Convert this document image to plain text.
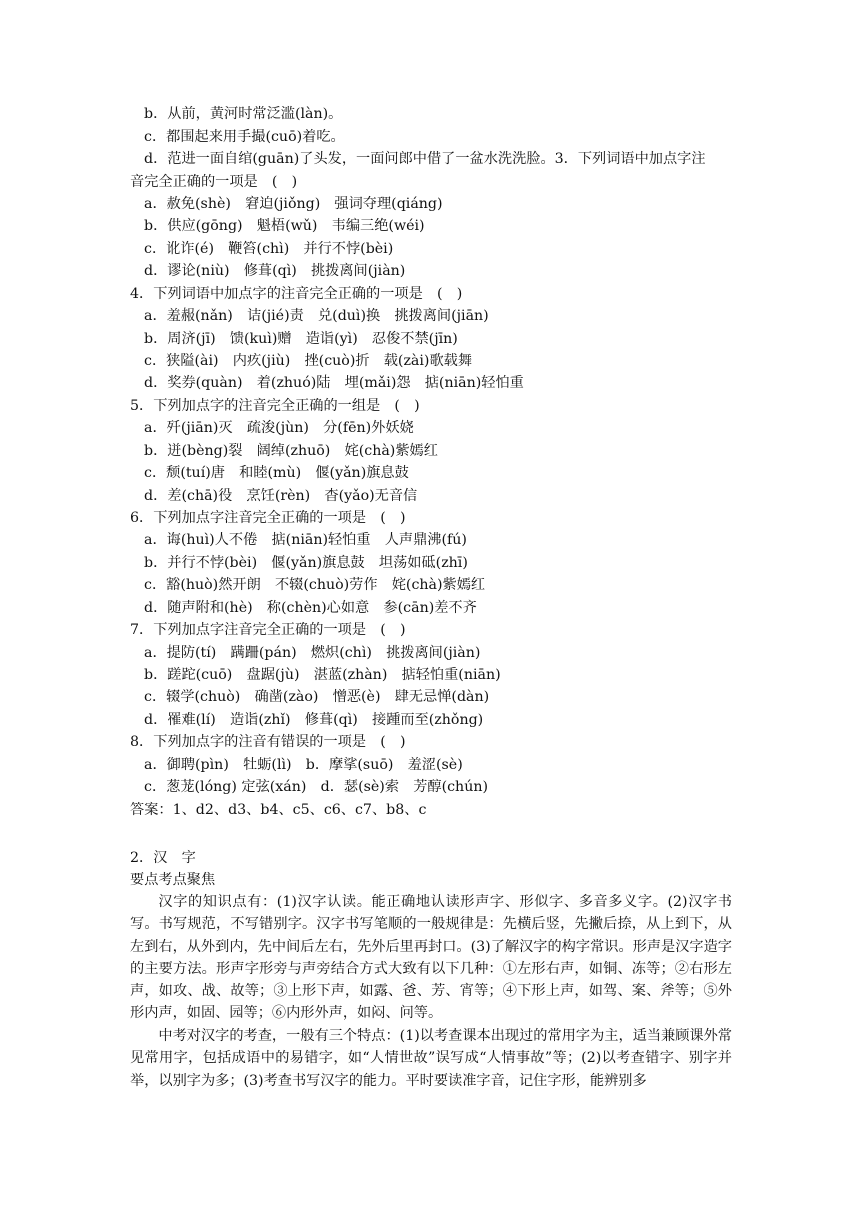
b．从前，黄河时常泛滥(làn)。
c．都围起来用手撮(cuō)着吃。
d．范进一面自绾(guān)了头发，一面问郎中借了一盆水洗洗脸。3．下列词语中加点字注
音完全正确的一项是　(　)
a．赦免(shè)　窘迫(jiǒng)　强词夺理(qiáng)
b．供应(gōng)　魁梧(wǔ)　韦编三绝(wéi)
c．讹诈(é)　鞭笞(chì)　并行不悖(bèi)
d．谬论(niù)　修葺(qì)　挑拨离间(jiàn)
4．下列词语中加点字的注音完全正确的一项是　(　)
a．羞赧(nǎn)　诘(jié)责　兑(duì)换　挑拨离间(jiān)
b．周济(jī)　馈(kuì)赠　造诣(yì)　忍俊不禁(jīn)
c．狭隘(ài)　内疚(jiù)　挫(cuò)折　载(zài)歌载舞
d．奖券(quàn)　着(zhuó)陆　埋(mǎi)怨　掂(niān)轻怕重
5．下列加点字的注音完全正确的一组是　(　)
a．歼(jiān)灭　疏浚(jùn)　分(fēn)外妖娆
b．迸(bèng)裂　阔绰(zhuō)　姹(chà)紫嫣红
c．颓(tuí)唐　和睦(mù)　偃(yǎn)旗息鼓
d．差(chā)役　烹饪(rèn)　杳(yǎo)无音信
6．下列加点字注音完全正确的一项是　(　)
a．诲(huì)人不倦　掂(niān)轻怕重　人声鼎沸(fú)
b．并行不悖(bèi)　偃(yǎn)旗息鼓　坦荡如砥(zhī)
c．豁(huò)然开朗　不辍(chuò)劳作　姹(chà)紫嫣红
d．随声附和(hè)　称(chèn)心如意　参(cān)差不齐
7．下列加点字注音完全正确的一项是　(　)
a．提防(tí)　蹒跚(pán)　燃炽(chì)　挑拨离间(jiàn)
b．蹉跎(cuō)　盘踞(jù)　湛蓝(zhàn)　掂轻怕重(niān)
c．辍学(chuò)　确凿(zào)　憎恶(è)　肆无忌惮(dàn)
d．罹难(lí)　造诣(zhǐ)　修葺(qì)　接踵而至(zhǒng)
8．下列加点字的注音有错误的一项是　(　)
a．御聘(pìn)　牡蛎(lì)　b．摩挲(suō)　羞涩(sè)
c．葱茏(lóng) 定弦(xán)　d．瑟(sè)索　芳醇(chún)
答案：1、d2、d3、b4、c5、c6、c7、b8、c
2．汉　字
要点考点聚焦
汉字的知识点有：(1)汉字认读。能正确地认读形声字、形似字、多音多义字。(2)汉字书写。书写规范，不写错别字。汉字书写笔顺的一般规律是：先横后竖，先撇后捺，从上到下，从左到右，从外到内，先中间后左右，先外后里再封口。(3)了解汉字的构字常识。形声是汉字造字的主要方法。形声字形旁与声旁结合方式大致有以下几种：①左形右声，如铜、冻等；②右形左声，如攻、战、故等；③上形下声，如露、爸、芳、宵等；④下形上声，如驾、案、斧等；⑤外形内声，如固、园等；⑥内形外声，如闷、问等。
中考对汉字的考查，一般有三个特点：(1)以考查课本出现过的常用字为主，适当兼顾课外常见常用字，包括成语中的易错字，如“人情世故”误写成“人情事故”等；(2)以考查错字、别字并举，以别字为多；(3)考查书写汉字的能力。平时要读准字音，记住字形，能辨别多
